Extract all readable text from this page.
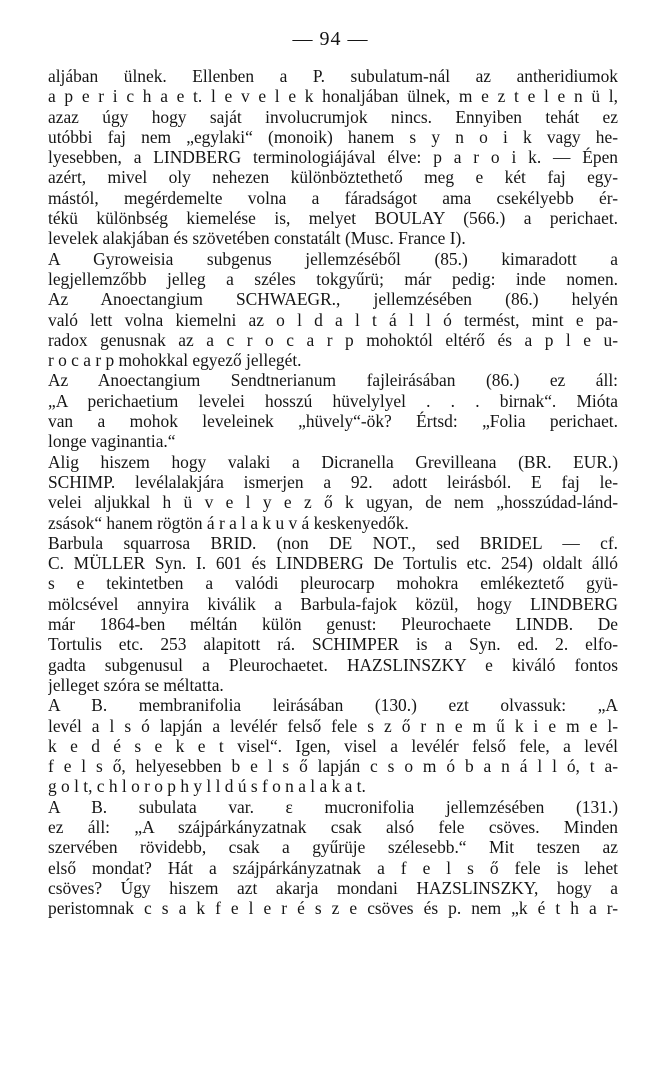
— 94 —
aljában ülnek. Ellenben a P. subulatum-nál az antheridiumok
a p e r i c h a e t. l e v e l e k honaljában ülnek, m e z t e l e n ü l,
azaz úgy hogy saját involucrumjok nincs. Ennyiben tehát ez
utóbbi faj nem „egylaki“ (monoik) hanem s y n o i k vagy he-
lyesebben, a LINDBERG terminologiájával élve: p a r o i k. — Épen
azért, mivel oly nehezen különböztethető meg e két faj egy-
mástól, megérdemelte volna a fáradságot ama csekélyebb ér-
tékü különbség kiemelése is, melyet BOULAY (566.) a perichaet.
levelek alakjában és szövetében constatált (Musc. France I).
A Gyroweisia subgenus jellemzéséből (85.) kimaradott a
legjellemzőbb jelleg a széles tokgyűrü; már pedig: inde nomen.
Az Anoectangium SCHWAEGR., jellemzésében (86.) helyén
való lett volna kiemelni az o l d a l t á l l ó termést, mint e pa-
radox genusnak az a c r o c a r p mohoktól eltérő és a p l e u-
r o c a r p mohokkal egyező jellegét.
Az Anoectangium Sendtnerianum fajleirásában (86.) ez áll:
„A perichaetium levelei hosszú hüvelylyel . . . birnak“. Mióta
van a mohok leveleinek „hüvely“-ök? Értsd: „Folia perichaet.
longe vaginantia.“
Alig hiszem hogy valaki a Dicranella Grevilleana (BR. EUR.)
SCHIMP. levélalakjára ismerjen a 92. adott leirásból. E faj le-
velei aljukkal h ü v e l y e z ő k ugyan, de nem „hosszúdad-lánd-
zsások“ hanem rögtön á r a l a k u v á keskenyedők.
Barbula squarrosa BRID. (non DE NOT., sed BRIDEL — cf.
C. MÜLLER Syn. I. 601 és LINDBERG De Tortulis etc. 254) oldalt álló
s e tekintetben a valódi pleurocarp mohokra emlékeztető gyü-
mölcsével annyira kiválik a Barbula-fajok közül, hogy LINDBERG
már 1864-ben méltán külön genust: Pleurochaete LINDB. De
Tortulis etc. 253 alapitott rá. SCHIMPER is a Syn. ed. 2. elfo-
gadta subgenusul a Pleurochaetet. HAZSLINSZKY e kiváló fontos
jelleget szóra se méltatta.
A B. membranifolia leirásában (130.) ezt olvassuk: „A
levél a l s ó lapján a levélér felső fele s z ő r n e m ű k i e m e l-
k e d é s e k e t visel“. Igen, visel a levélér felső fele, a levél
f e l s ő, helyesebben b e l s ő lapján c s o m ó b a n á l l ó, t a-
g o l t, c h l o r o p h y l l d ú s f o n a l a k a t.
A B. subulata var. ε mucronifolia jellemzésében (131.)
ez áll: „A szájpárkányzatnak csak alsó fele csöves. Minden
szervében rövidebb, csak a gyűrüje szélesebb.“ Mit teszen az
első mondat? Hát a szájpárkányzatnak a f e l s ő fele is lehet
csöves? Úgy hiszem azt akarja mondani HAZSLINSZKY, hogy a
peristomnak c s a k f e l e r é s z e csöves és p. nem „k é t h a r-
